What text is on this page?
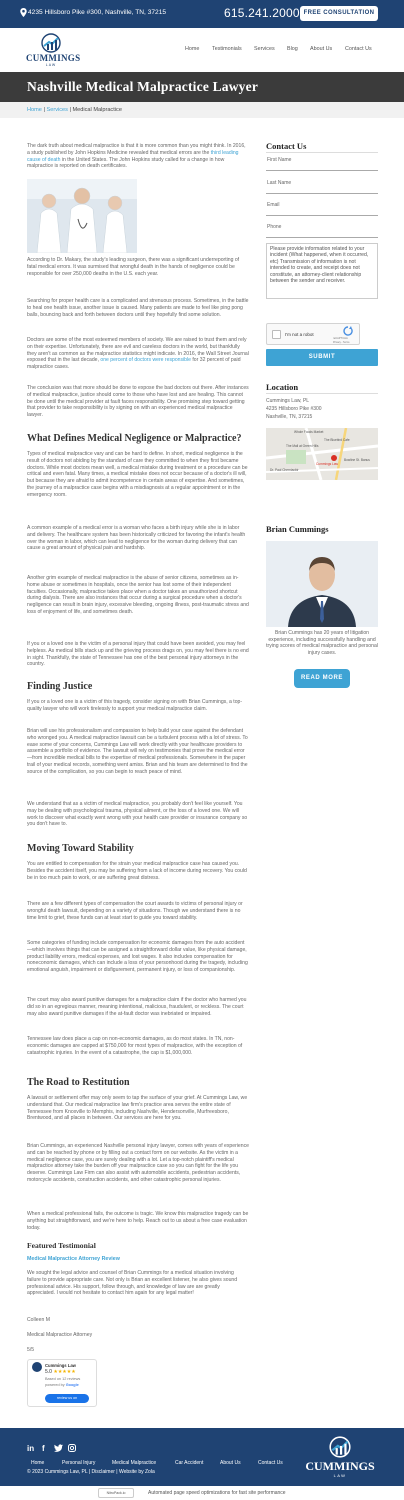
4235 Hillsboro Pike #300, Nashville, TN, 37215	615.241.2000 FREE CONSULTATION
CUMMINGS
LAW
Home Testimonials Services Blog About Us Contact Us
Nashville Medical Malpractice Lawyer
Home | Services | Medical Malpractice

The dark truth about medical malpractice is that it is more common than you might think. In 2016, a study published by John Hopkins Medicine revealed that medical errors are the third leading cause of death in the United States. The John Hopkins study called for a change in how malpractice is reported on death certificates.

According to Dr. Makary, the study's leading surgeon, there was a significant underreporting of fatal medical errors. It was surmised that wrongful death in the hands of negligence could be responsible for over 250,000 deaths in the U.S. each year.

Searching for proper health care is a complicated and strenuous process. Sometimes, in the battle to heal one health issue, another issue is caused. Many patients are made to feel like ping pong balls, bouncing back and forth between doctors until they hopefully find some solution.

Doctors are some of the most esteemed members of society. We are raised to trust them and rely on their expertise. Unfortunately, there are evil and careless doctors in the world, but thankfully they aren't as common as the malpractice statistics might indicate. In 2016, the Wall Street Journal exposed that in the last decade, one percent of doctors were responsible for 32 percent of paid malpractice cases.

The conclusion was that more should be done to expose the bad doctors out there. After instances of medical malpractice, justice should come to those who have lost and are healing. This cannot be done until the medical provider at fault faces responsibility. One promising step toward getting that provider to take responsibility is by signing on with an experienced medical malpractice lawyer.

What Defines Medical Negligence or Malpractice?

Types of medical malpractice vary and can be hard to define. In short, medical negligence is the result of doctors not abiding by the standard of care they committed to when they first became doctors. While most doctors mean well, a medical mistake during treatment or a procedure can be critical and even fatal. Many times, a medical mistake does not occur because of a doctor's ill will, but because they are afraid to admit incompetence in certain areas of expertise. And sometimes, the journey of a malpractice case begins with a misdiagnosis at a regular appointment or in the emergency room.

A common example of a medical error is a woman who faces a birth injury while she is in labor and delivery. The healthcare system has been historically criticized for favoring the infant's health over the woman in labor, which can lead to negligence for the woman during delivery that can cause a great amount of physical pain and hardship.

Another grim example of medical malpractice is the abuse of senior citizens, sometimes as in-home abuse or sometimes in hospitals, once the senior has lost some of their independent faculties. Occasionally, malpractice takes place when a doctor takes an unauthorized shortcut during dialysis. There are also instances that occur during a surgical procedure when a doctor's negligence can result in brain injury, excessive bleeding, ongoing illness, post-traumatic stress and loss of enjoyment of life, and sometimes death.

If you or a loved one is the victim of a personal injury that could have been avoided, you may feel helpless. As medical bills stack up and the grieving process drags on, you may feel there is no end in sight. Thankfully, the state of Tennessee has one of the best personal injury attorneys in the country.

Finding Justice

If you or a loved one is a victim of this tragedy, consider signing on with Brian Cummings, a top-quality lawyer who will work tirelessly to support your medical malpractice claim.

Brian will use his professionalism and compassion to help build your case against the defendant who wronged you. A medical malpractice lawsuit can be a turbulent process with a lot of stress. To ease some of your concerns, Cummings Law will work directly with your healthcare providers to assemble a portfolio of evidence. The lawsuit will rely on testimonies that prove the medical error—from incredible medical bills to the expertise of medical professionals. Somewhere in the paper trail of your medical records, something went amiss. Brian and his team are determined to find the source of the complication, so you can begin to reach peace of mind.

We understand that as a victim of medical malpractice, you probably don't feel like yourself. You may be dealing with psychological trauma, physical ailment, or the loss of a loved one. We will work to discover what exactly went wrong with your health care provider or insurance company so you don't have to.

Moving Toward Stability

You are entitled to compensation for the strain your medical malpractice case has caused you. Besides the accident itself, you may be suffering from a lack of income during recovery. You could be in too much pain to work, or are suffering great distress.

There are a few different types of compensation the court awards to victims of personal injury or wrongful death lawsuit, depending on a variety of situations. Though we understand there is no time limit to grief, these funds can at least start to guide you toward stability.

Some categories of funding include compensation for economic damages from the auto accident—which involves things that can be assigned a straightforward dollar value, like physical damage, product liability errors, medical expenses, and lost wages. It also includes compensation for noneconomic damages, which can include a loss of your personhood during the tragedy, including emotional anguish, impairment or disfigurement, permanent injury, or loss of companionship.

The court may also award punitive damages for a malpractice claim if the doctor who harmed you did so in an egregious manner, meaning intentional, malicious, fraudulent, or reckless. The court may also award punitive damages if the at-fault doctor was inebriated or impaired.

Tennessee law does place a cap on non-economic damages, as do most states. In TN, non-economic damages are capped at $750,000 for most types of malpractice, with the exception of catastrophic injuries. In the event of a catastrophe, the cap is $1,000,000.

The Road to Restitution

A lawsuit or settlement offer may only seem to tap the surface of your grief. At Cummings Law, we understand that. Our medical malpractice law firm's practice area serves the entire state of Tennessee from Knoxville to Memphis, including Nashville, Hendersonville, Murfreesboro, Brentwood, and all places in between. Our services are here for you.

Brian Cummings, an experienced Nashville personal injury lawyer, comes with years of experience and can be reached by phone or by filling out a contact form on our website. As the victim in a medical negligence case, you are surely dealing with a lot. Let a top-notch plaintiff's medical malpractice attorney take the burden off your malpractice case so you can fight for the life you deserve. Cummings Law Firm can also assist with automobile accidents, pedestrian accidents, motorcycle accidents, construction accidents, and other catastrophic personal injuries.

When a medical professional fails, the outcome is tragic. We know this malpractice tragedy can be anything but straightforward, and we're here to help. Reach out to us about a free case evaluation today.

Featured Testimonial
Medical Malpractice Attorney Review

We sought the legal advice and counsel of Brian Cummings for a medical situation involving failure to provide appropriate care. Not only is Brian an excellent listener, he also gives sound professional advice. His support, follow through, and knowledge of law are are greatly appreciated. I would not hesitate to contact him again for any legal matter!

Colleen M
Medical Malpractice Attorney
5/5
Cummings Law
5.0 ★★★★★
Based on 12 reviews
powered by Google
review us on
Contact Us
First Name
Last Name
Email
Phone
Please provide information related to your incident (What happened, when it occurred, etc) Transmission of information is not intended to create, and receipt does not constitute, an attorney-client relationship between the sender and receiver.
I'm not a robot
reCAPTCHA
Privacy - Terms
SUBMIT
Location
Cummings Law, PL
4235 Hillsboro Pike #300
Nashville, TN, 37215
Whole Foods Market
The Bluebird Cafe
The Mall at Green Hills
Dr. Paul Cherniacktr
Bowline St. Banus
Cummings Law
Brian Cummings

Brian Cummings has 20 years of litigation experience, including successfully handling and trying scores of medical malpractice and personal injury cases.

READ MORE
in f
Home	Personal Injury	Medical Malpractice	Car Accident	About Us	Contact Us
© 2023 Cummings Law, PL | Disclaimer | Website by Zola	CUMMINGS
LAW
NitroPack.io	Automated page speed optimizations for fast site performance
